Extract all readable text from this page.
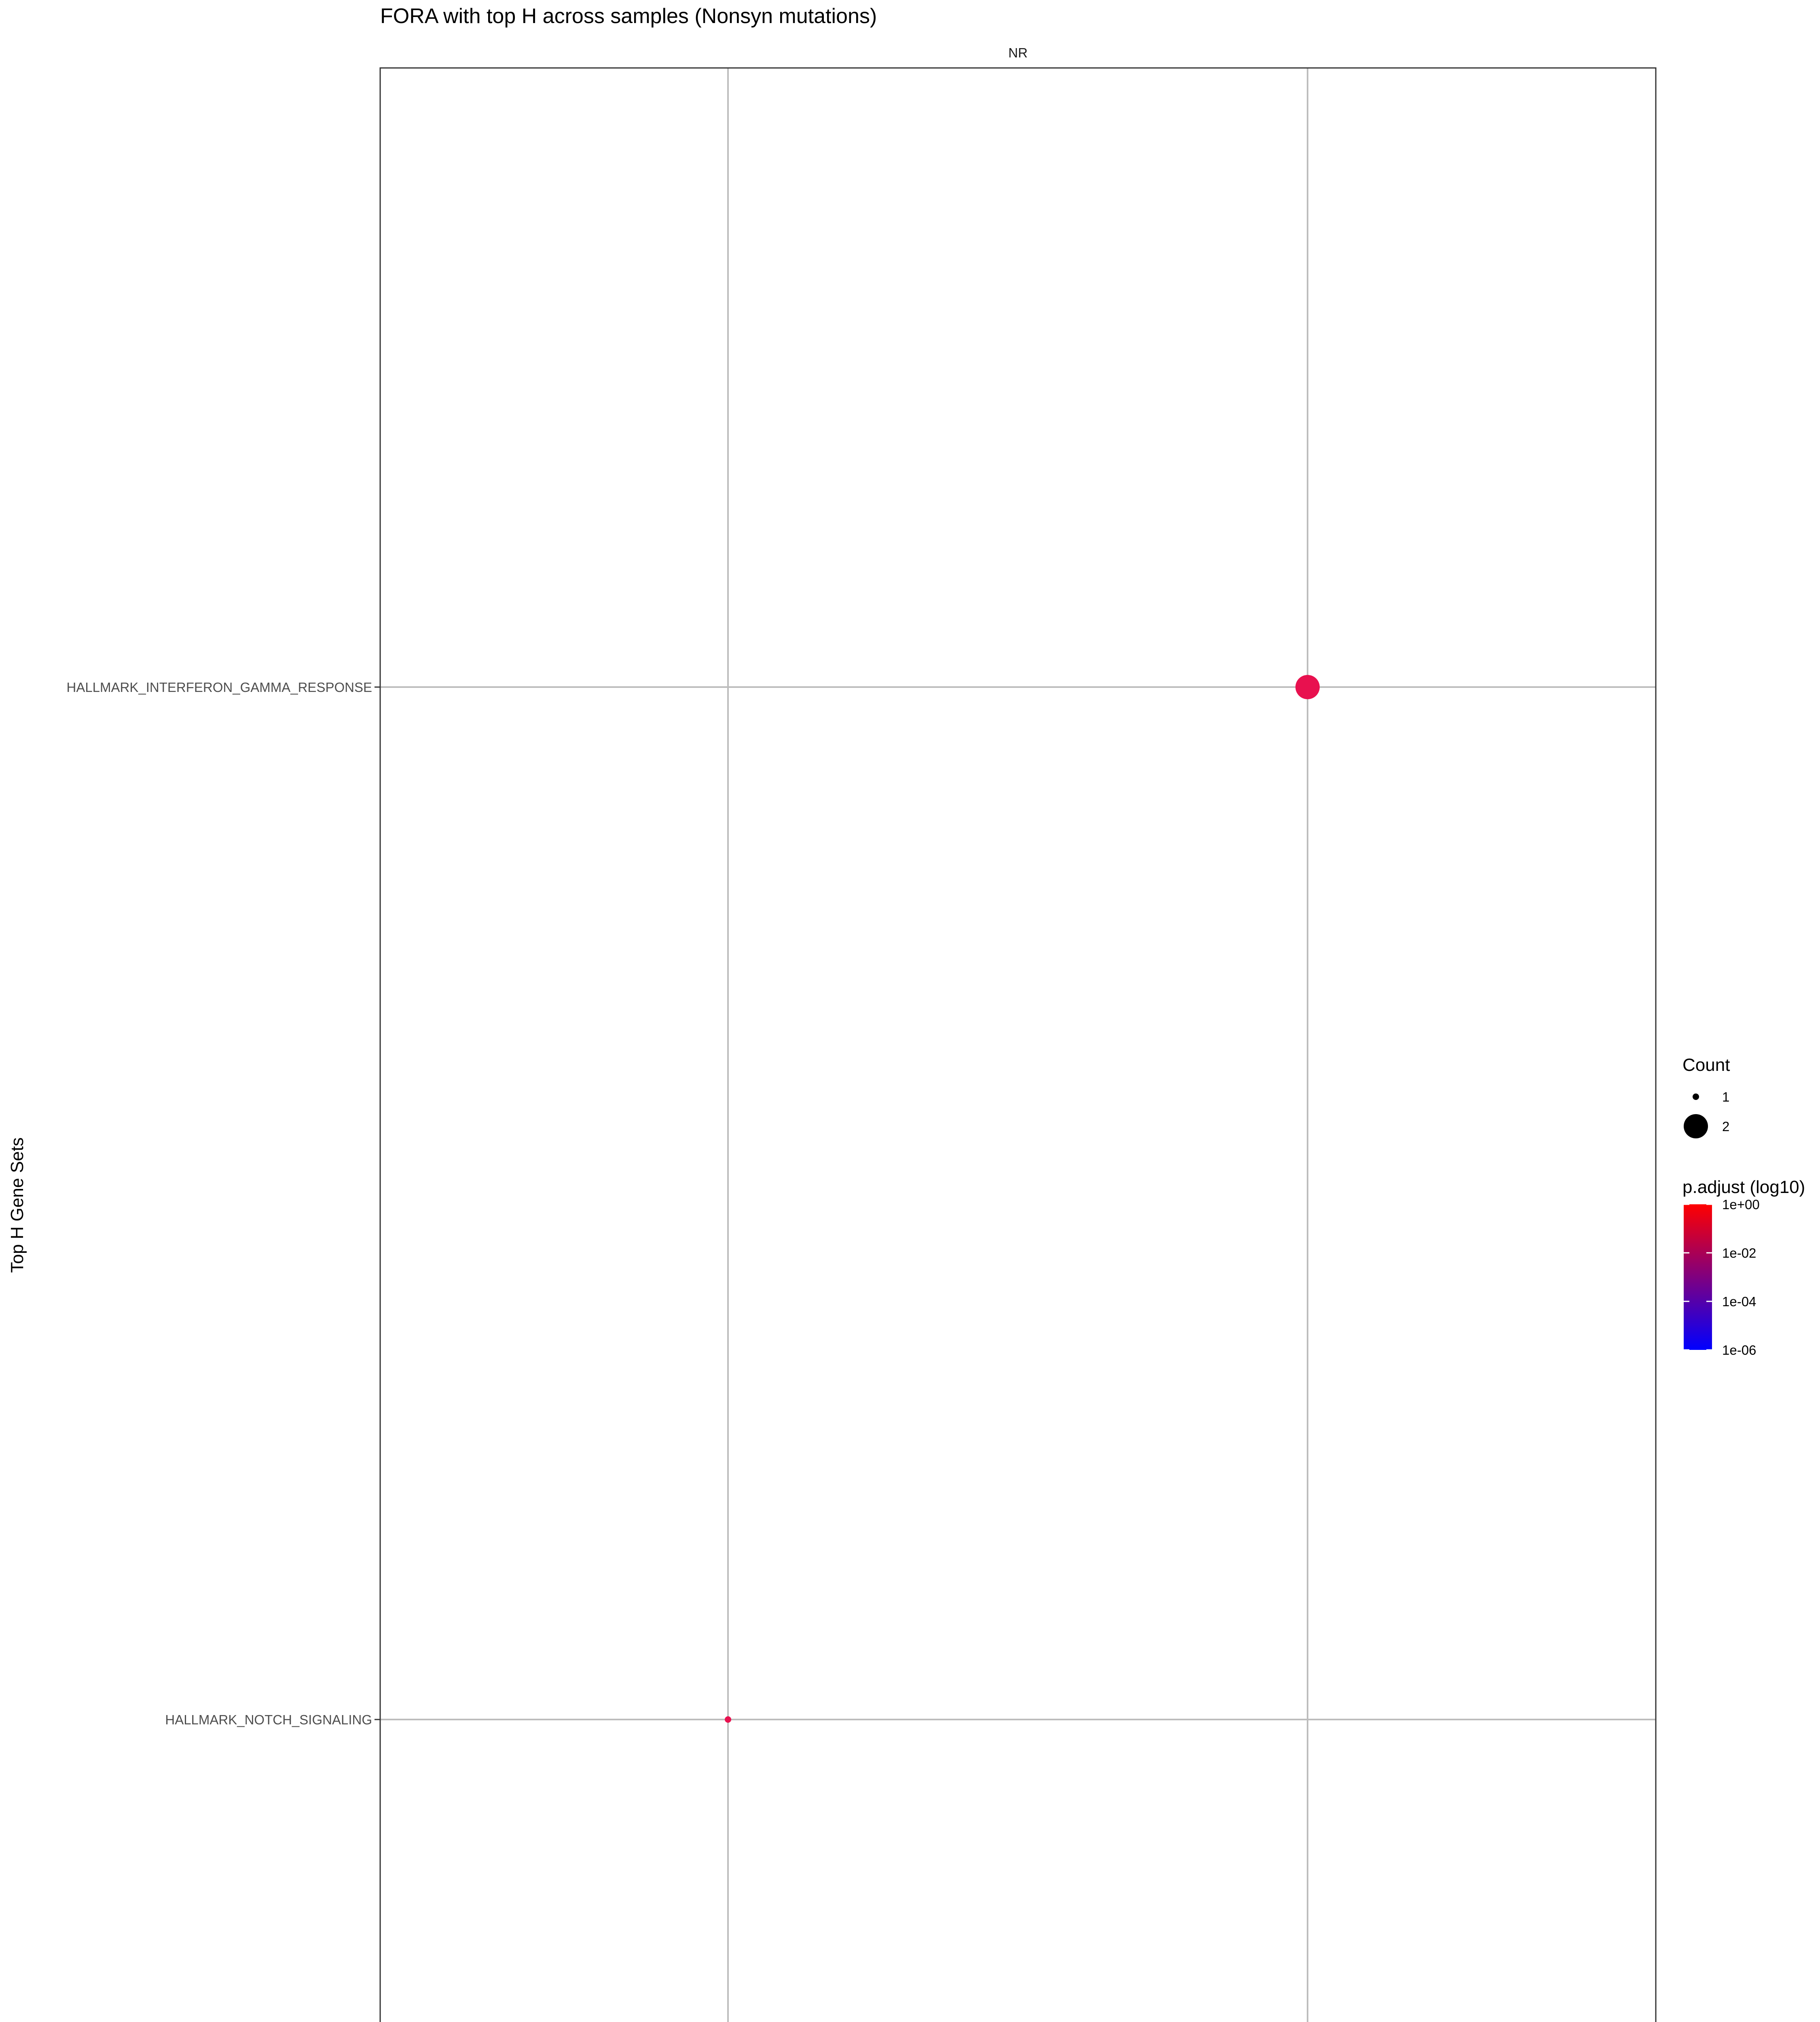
FORA with top H across samples (Nonsyn mutations)
NR
HALLMARK_NOTCH_SIGNALING
HALLMARK_INTERFERON_GAMMA_RESPONSE
Top H Gene Sets
Count
1
2
p.adjust (log10)
1e+00
1e-02
1e-04
1e-06
